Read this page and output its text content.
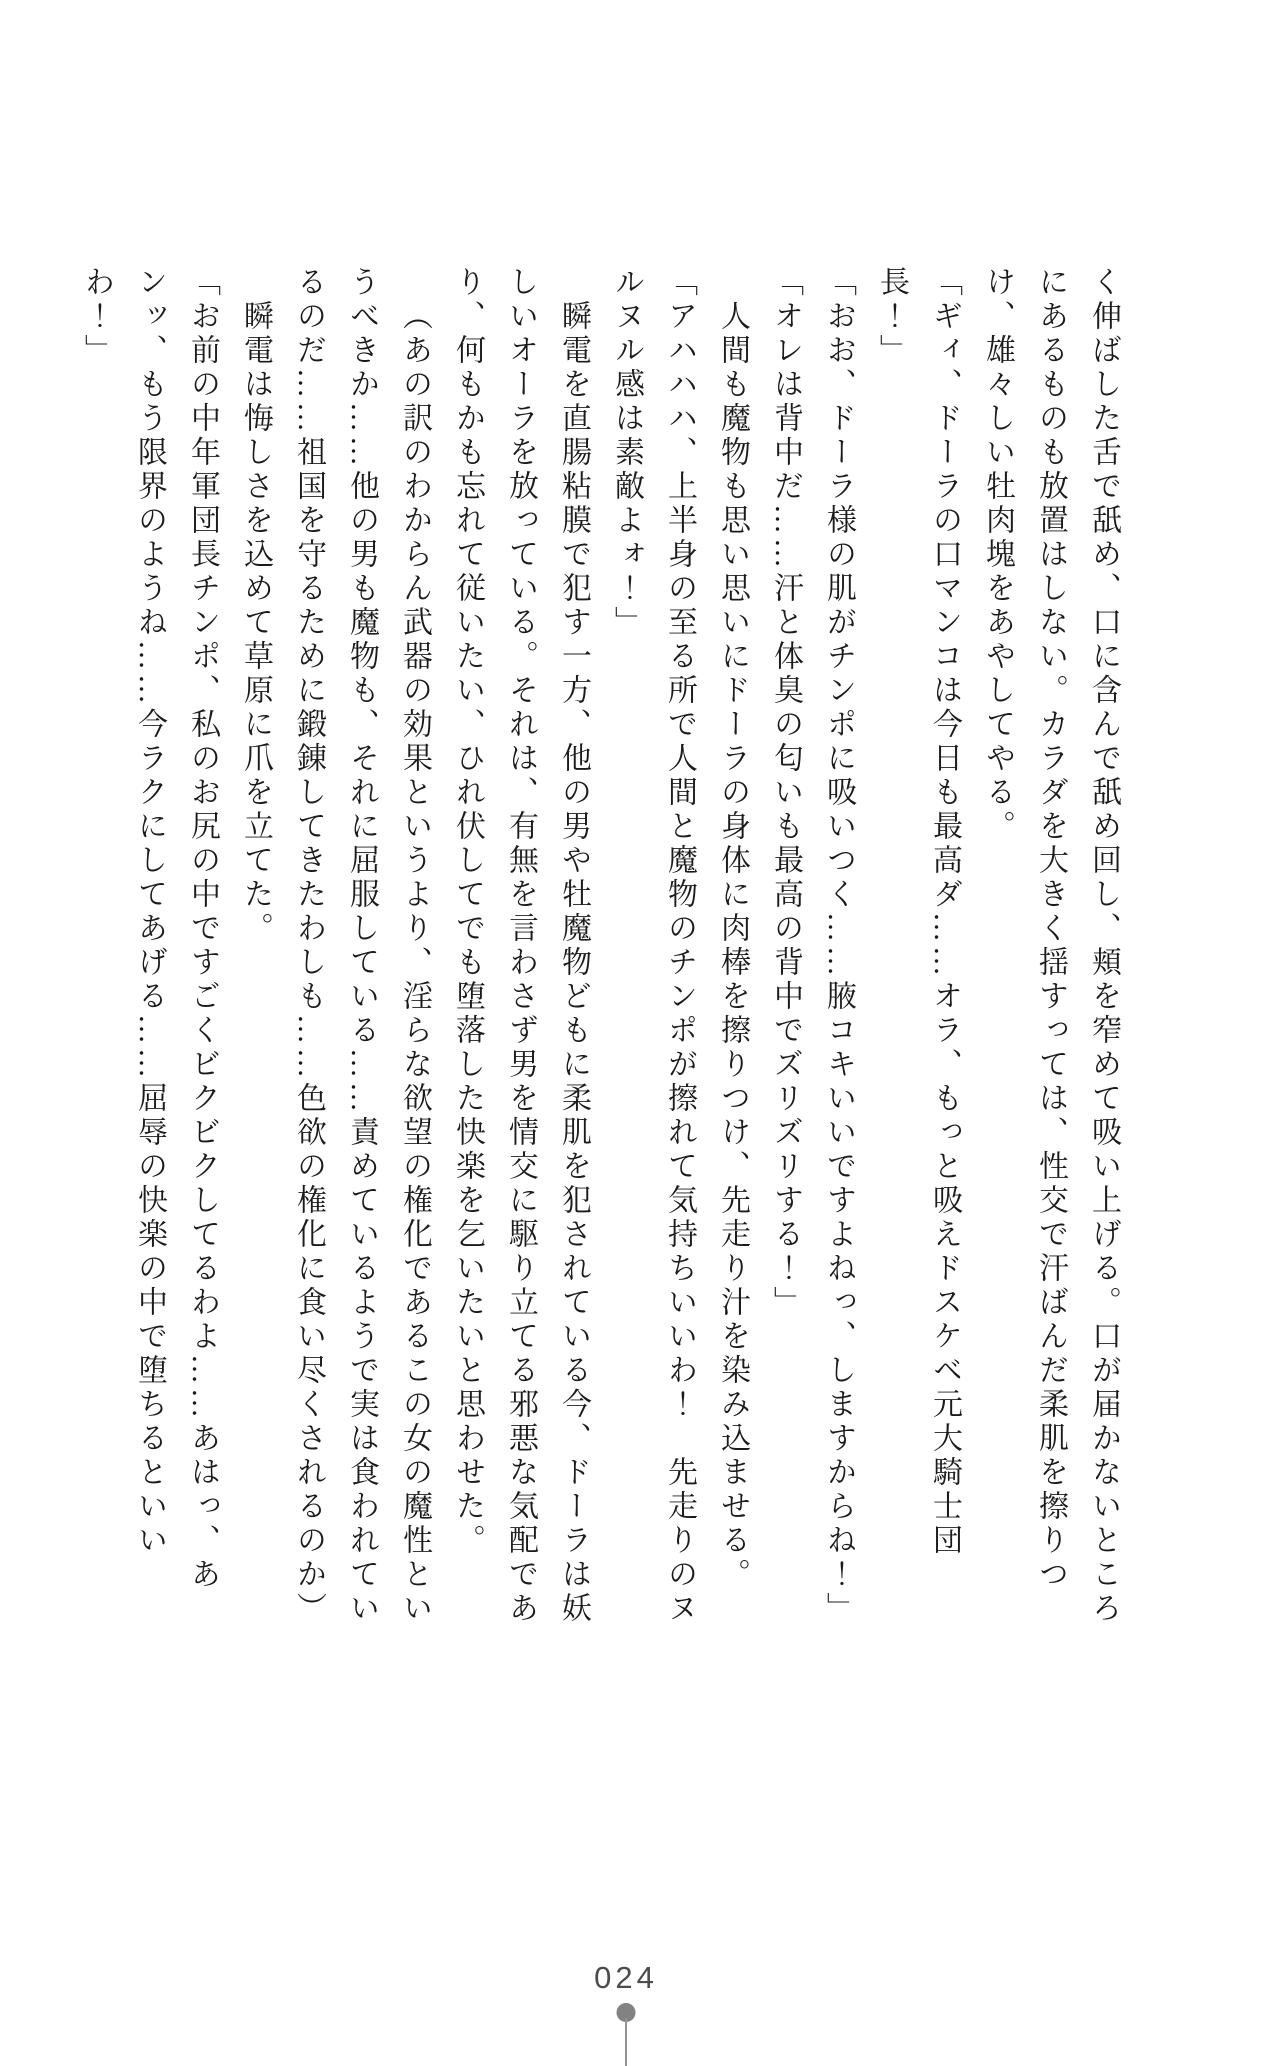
く伸ばした舌で舐め、口に含んで舐め回し、頬を窄めて吸い上げる。口が届かないところにあるものも放置はしない。カラダを大きく揺すっては、性交で汗ばんだ柔肌を擦りつけ、雄々しい牡肉塊をあやしてやる。

「ギィ、ドーラの口マンコは今日も最高ダ……オラ、もっと吸えドスケベ元大騎士団長！」

「おお、ドーラ様の肌がチンポに吸いつく……腋コキいいですよねっ、しますからね！」

「オレは背中だ……汗と体臭の匂いも最高の背中でズリズリする！」

人間も魔物も思い思いにドーラの身体に肉棒を擦りつけ、先走り汁を染み込ませる。

「アハハハ、上半身の至る所で人間と魔物のチンポが擦れて気持ちいいわ！　先走りのヌルヌル感は素敵よォ！」

瞬電を直腸粘膜で犯す一方、他の男や牡魔物どもに柔肌を犯されている今、ドーラは妖しいオーラを放っている。それは、有無を言わさず男を情交に駆り立てる邪悪な気配であり、何もかも忘れて従いたい、ひれ伏してでも堕落した快楽を乞いたいと思わせた。

（あの訳のわからん武器の効果というより、淫らな欲望の権化であるこの女の魔性というべきか……他の男も魔物も、それに屈服している……責めているようで実は食われているのだ……祖国を守るために鍛錬してきたわしも……色欲の権化に食い尽くされるのか）

瞬電は悔しさを込めて草原に爪を立てた。

「お前の中年軍団長チンポ、私のお尻の中ですごくビクビクしてるわよ……あはっ、あンッ、もう限界のようね……今ラクにしてあげる……屈辱の快楽の中で堕ちるといいわ！」

024
